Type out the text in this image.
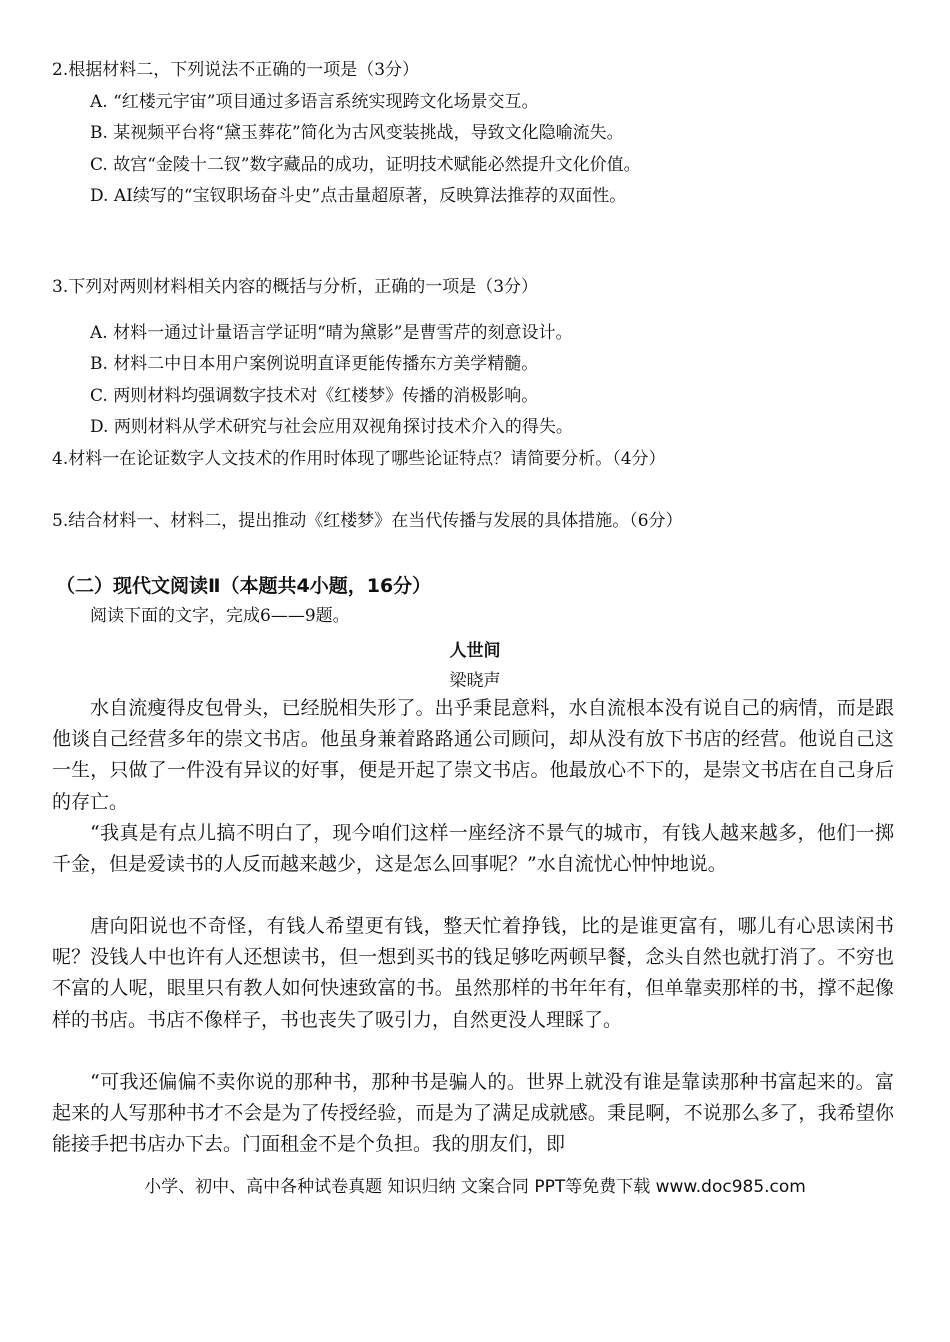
2.根据材料二，下列说法不正确的一项是（3分）
A. “红楼元宇宙”项目通过多语言系统实现跨文化场景交互。
B. 某视频平台将“黛玉葬花”简化为古风变装挑战，导致文化隐喻流失。
C. 故宫“金陵十二钗”数字藏品的成功，证明技术赋能必然提升文化价值。
D. AI续写的“宝钗职场奋斗史”点击量超原著，反映算法推荐的双面性。
3.下列对两则材料相关内容的概括与分析，正确的一项是（3分）
A. 材料一通过计量语言学证明“晴为黛影”是曹雪芹的刻意设计。
B. 材料二中日本用户案例说明直译更能传播东方美学精髓。
C. 两则材料均强调数字技术对《红楼梦》传播的消极影响。
D. 两则材料从学术研究与社会应用双视角探讨技术介入的得失。
4.材料一在论证数字人文技术的作用时体现了哪些论证特点？请简要分析。（4分）
5.结合材料一、材料二，提出推动《红楼梦》在当代传播与发展的具体措施。（6分）
（二）现代文阅读Ⅱ（本题共4小题，16分）
阅读下面的文字，完成6——9题。
人世间
梁晓声
水自流瘦得皮包骨头，已经脱相失形了。出乎秉昆意料，水自流根本没有说自己的病情，而是跟他谈自己经营多年的崇文书店。他虽身兼着路路通公司顾问，却从没有放下书店的经营。他说自己这一生，只做了一件没有异议的好事，便是开起了崇文书店。他最放心不下的，是崇文书店在自己身后的存亡。
“我真是有点儿搞不明白了，现今咱们这样一座经济不景气的城市，有钱人越来越多，他们一掷千金，但是爱读书的人反而越来越少，这是怎么回事呢？”水自流忧心忡忡地说。
唐向阳说也不奇怪，有钱人希望更有钱，整天忙着挣钱，比的是谁更富有，哪儿有心思读闲书呢？没钱人中也许有人还想读书，但一想到买书的钱足够吃两顿早餐，念头自然也就打消了。不穷也不富的人呢，眼里只有教人如何快速致富的书。虽然那样的书年年有，但单靠卖那样的书，撑不起像样的书店。书店不像样子，书也丧失了吸引力，自然更没人理睬了。
“可我还偏偏不卖你说的那种书，那种书是骗人的。世界上就没有谁是靠读那种书富起来的。富起来的人写那种书才不会是为了传授经验，而是为了满足成就感。秉昆啊，不说那么多了，我希望你能接手把书店办下去。门面租金不是个负担。我的朋友们，即
小学、初中、高中各种试卷真题 知识归纳 文案合同 PPT等免费下载 www.doc985.com
